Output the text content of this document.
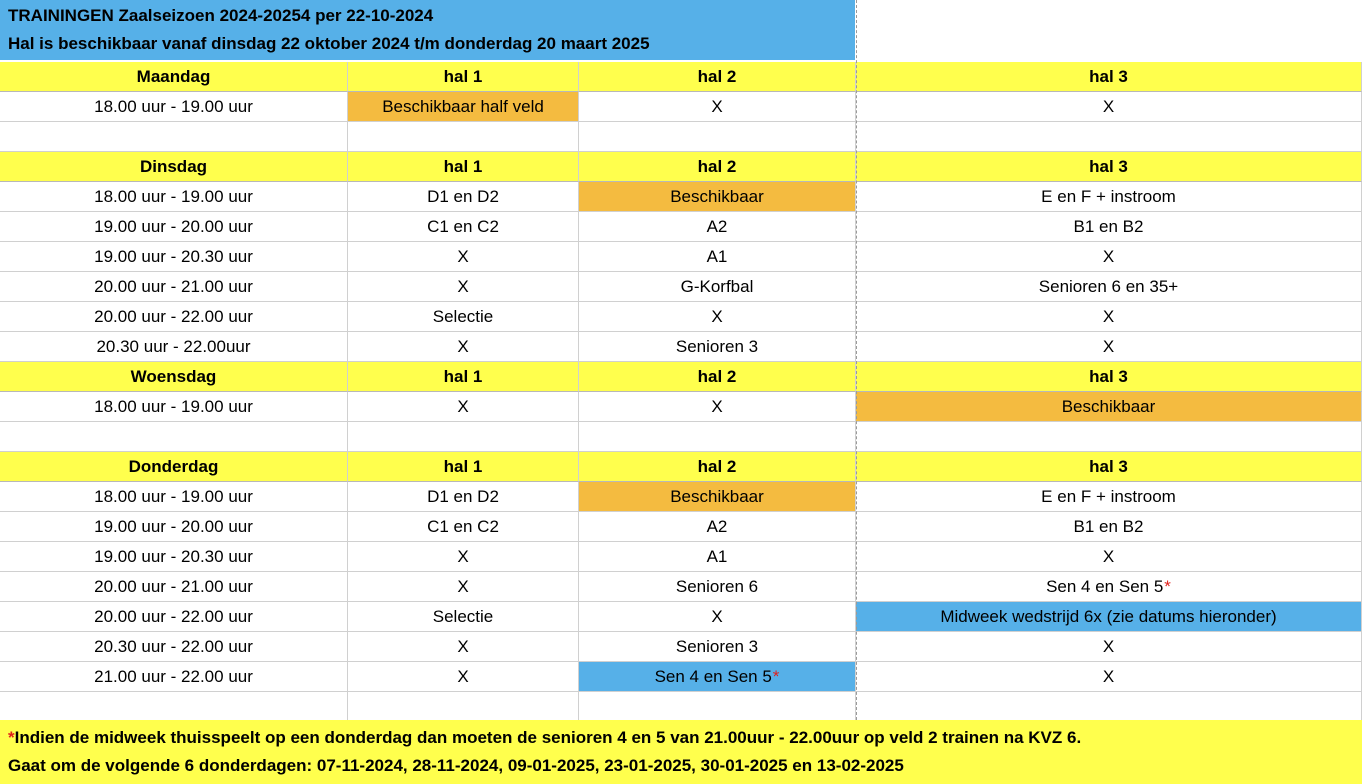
TRAININGEN Zaalseizoen 2024-20254 per 22-10-2024
Hal is beschikbaar vanaf dinsdag 22 oktober 2024 t/m donderdag 20 maart 2025
Maandag	hal 1	hal 2	hal 3
18.00 uur - 19.00 uur	Beschikbaar half veld	X	X
Dinsdag	hal 1	hal 2	hal 3
18.00 uur - 19.00 uur	D1 en D2	Beschikbaar	E en F + instroom
19.00 uur - 20.00 uur	C1 en C2	A2	B1 en B2
19.00 uur - 20.30 uur	X	A1	X
20.00 uur - 21.00 uur	X	G-Korfbal	Senioren 6 en 35+
20.00 uur - 22.00 uur	Selectie	X	X
20.30 uur - 22.00uur	X	Senioren 3	X
Woensdag	hal 1	hal 2	hal 3
18.00 uur - 19.00 uur	X	X	Beschikbaar
Donderdag	hal 1	hal 2	hal 3
18.00 uur - 19.00 uur	D1 en D2	Beschikbaar	E en F + instroom
19.00 uur - 20.00 uur	C1 en C2	A2	B1 en B2
19.00 uur - 20.30 uur	X	A1	X
20.00 uur - 21.00 uur	X	Senioren 6	Sen 4 en Sen 5 *
20.00 uur - 22.00 uur	Selectie	X	Midweek wedstrijd 6x (zie datums hieronder)
20.30 uur - 22.00 uur	X	Senioren 3	X
21.00 uur - 22.00 uur	X	Sen 4 en Sen 5 *	X
*Indien de midweek thuisspeelt op een donderdag dan moeten de senioren 4 en 5 van 21.00uur - 22.00uur op veld 2 trainen na KVZ 6.
Gaat om de volgende 6 donderdagen: 07-11-2024, 28-11-2024, 09-01-2025, 23-01-2025, 30-01-2025 en 13-02-2025
